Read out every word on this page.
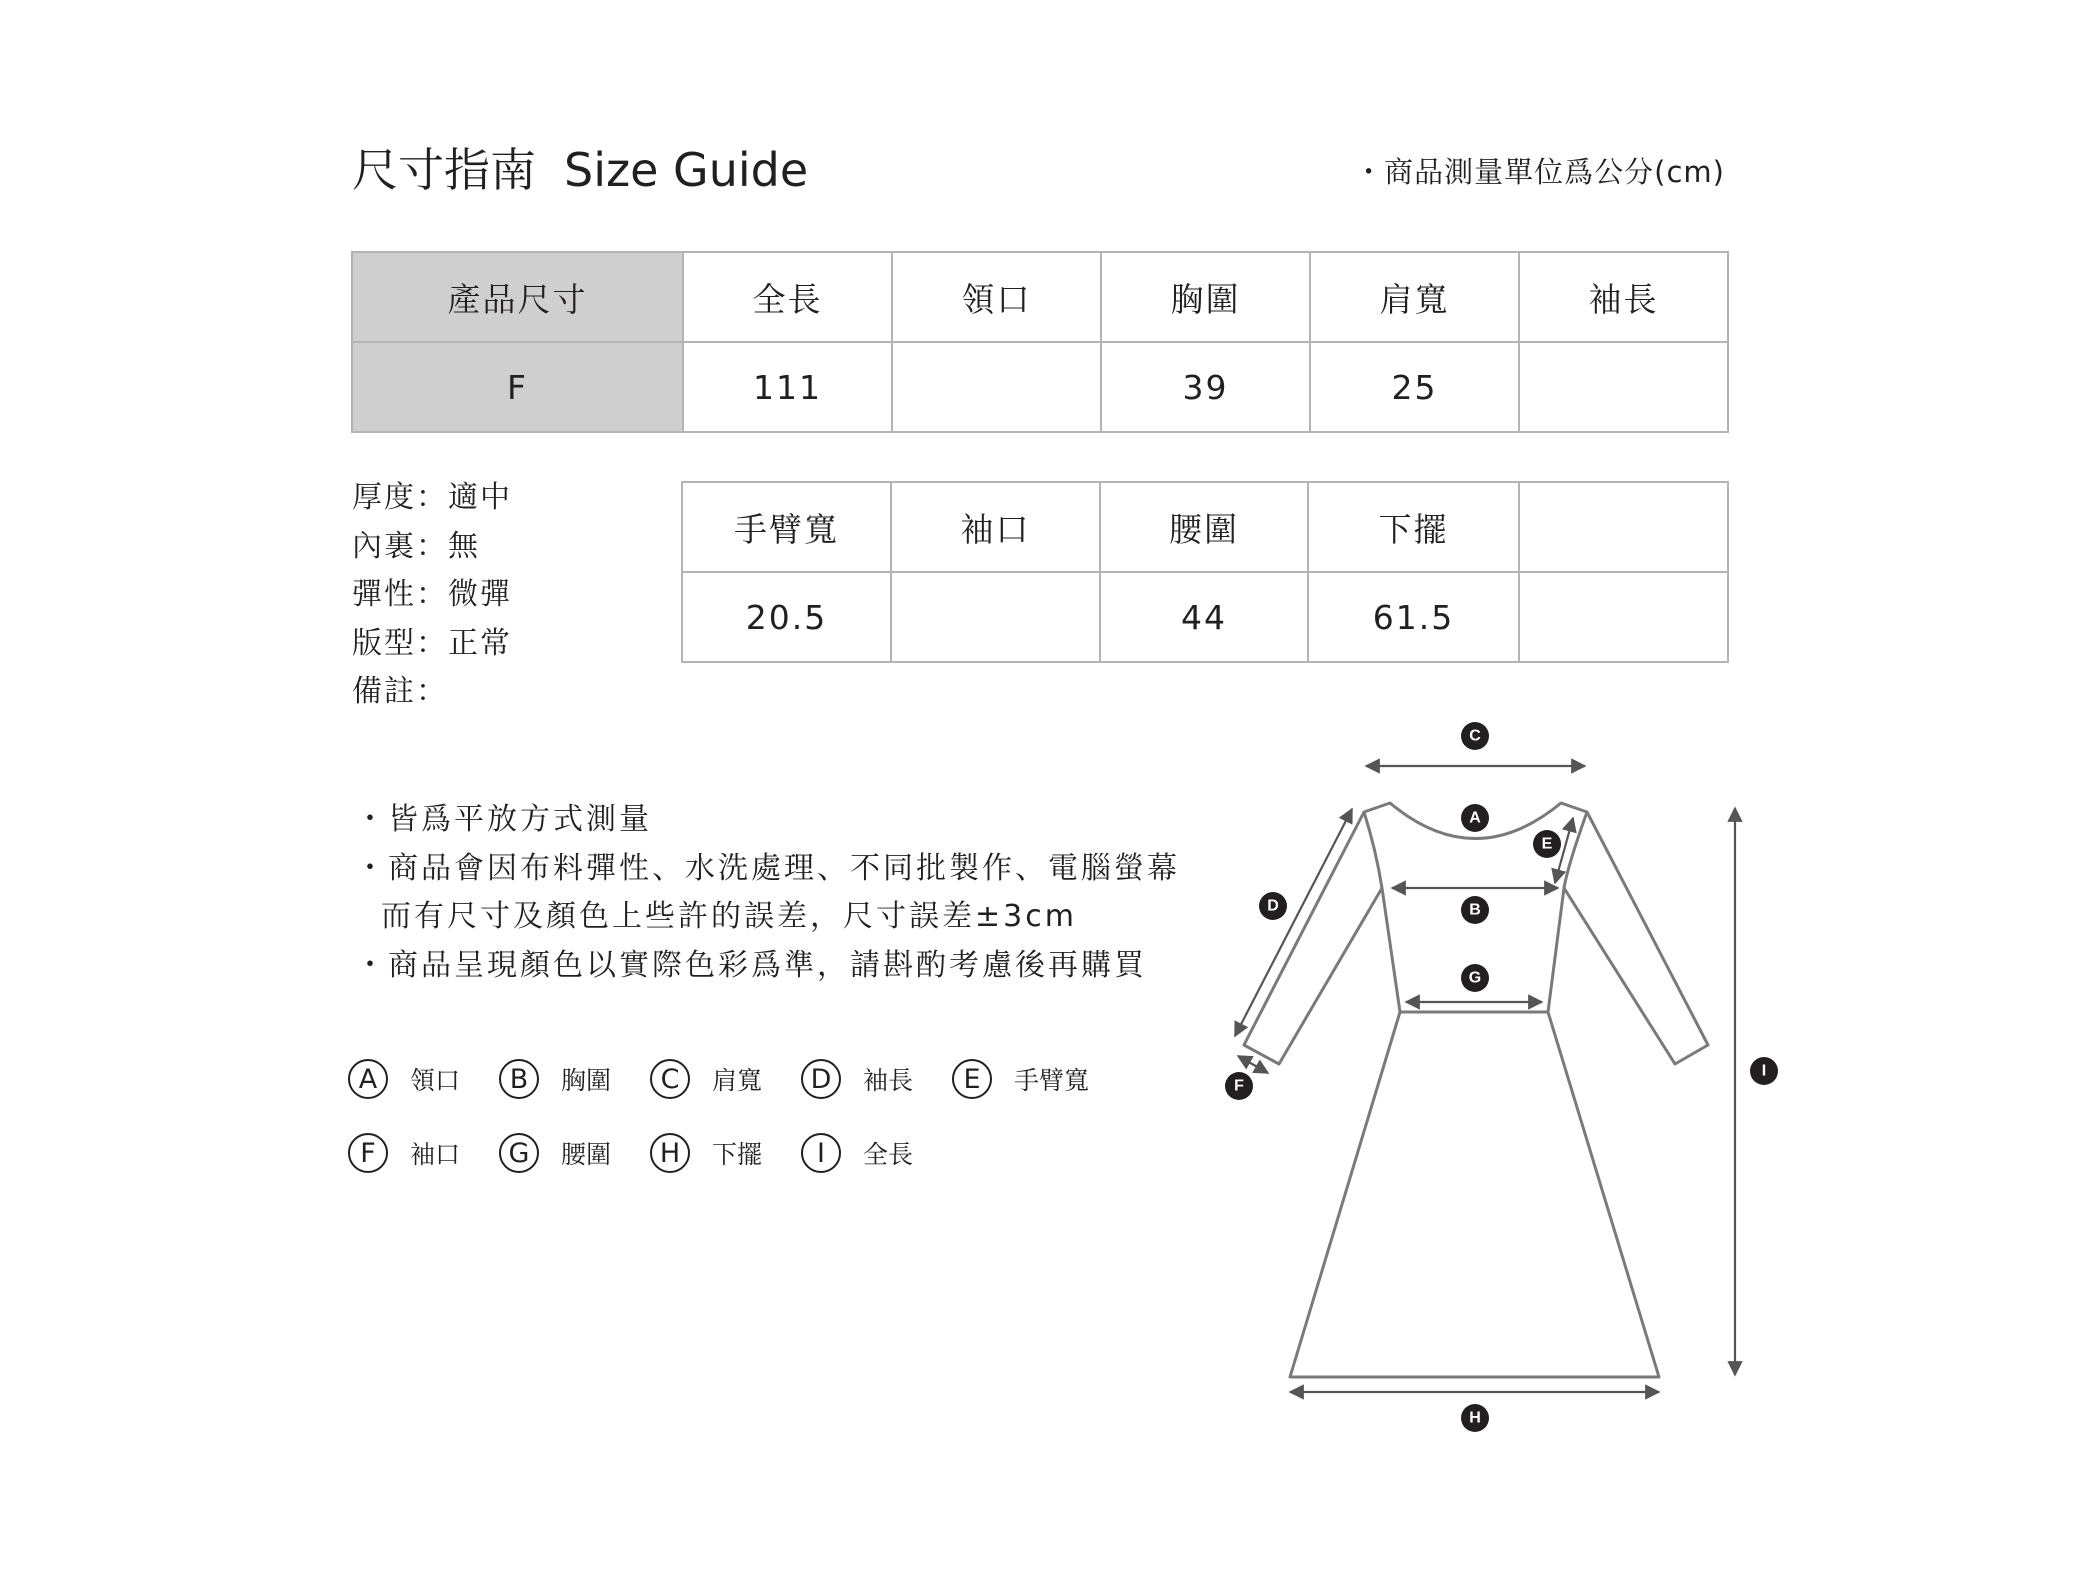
尺寸指南 Size Guide	・商品測量單位爲公分(cm)
產品尺寸	全長	領口	胸圍	肩寬	袖長
F	111		39	25	
手臂寬	袖口	腰圍	下擺	
20.5		44	61.5	
厚度：適中
內裏：無
彈性：微彈
版型：正常
備註：
・皆爲平放方式測量
・商品會因布料彈性、水洗處理、不同批製作、電腦螢幕
而有尺寸及顏色上些許的誤差，尺寸誤差±3cm
・商品呈現顏色以實際色彩爲準，請斟酌考慮後再購買
A	領口	B	胸圍	C	肩寬	D	袖長	E	手臂寬
F	袖口	G	腰圍	H	下擺	I	全長
C
A
E
B
D
G
F
I
H
